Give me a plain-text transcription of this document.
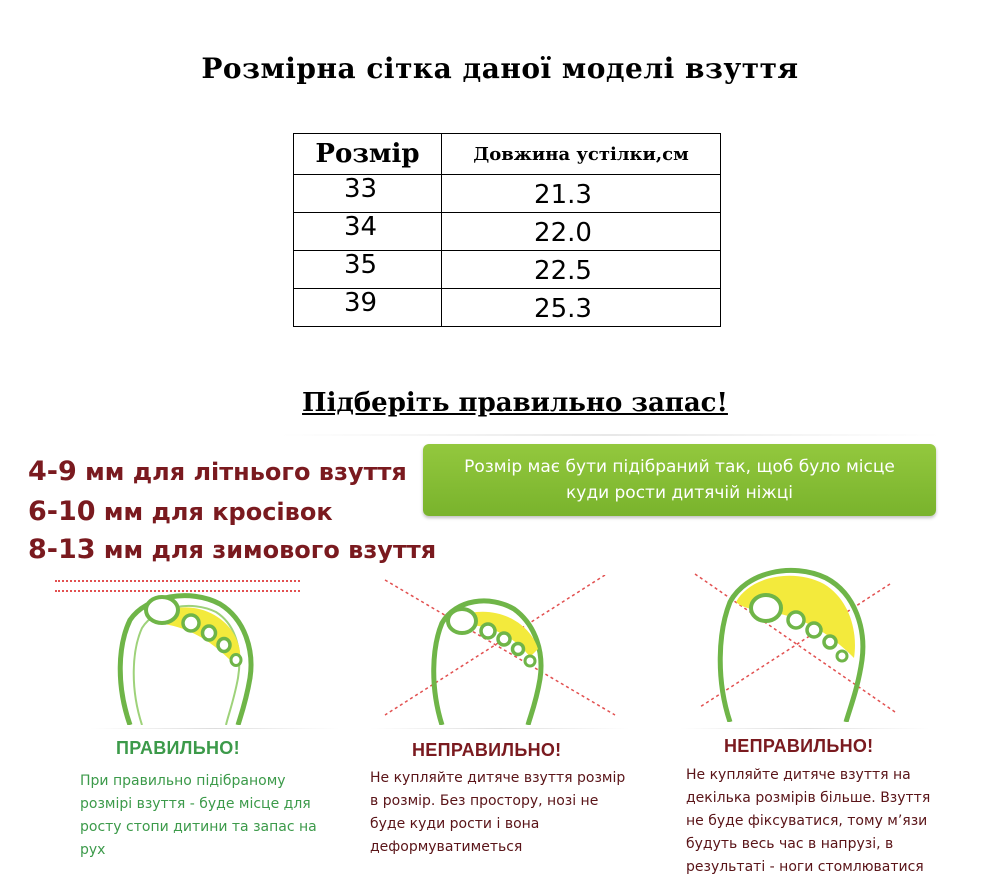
Розмірна сітка даної моделі взуття
Розмір	Довжина устілки,см
33	21.3
34	22.0
35	22.5
39	25.3
Підберіть правильно запас!
4-9 мм для літнього взуття
6-10 мм для кросівок
8-13 мм для зимового взуття
Розмір має бути підібраний так, щоб було місце
куди рости дитячій ніжці
ПРАВИЛЬНО!	НЕПРАВИЛЬНО!	НЕПРАВИЛЬНО!
При правильно підібраному
розмірі взуття - буде місце для
росту стопи дитини та запас на
рух
Не купляйте дитяче взуття розмір
в розмір. Без простору, нозі не
буде куди рости і вона
деформуватиметься
Не купляйте дитяче взуття на
декілька розмірів більше. Взуття
не буде фіксуватися, тому м’язи
будуть весь час в напрузі, в
результаті - ноги стомлюватися
